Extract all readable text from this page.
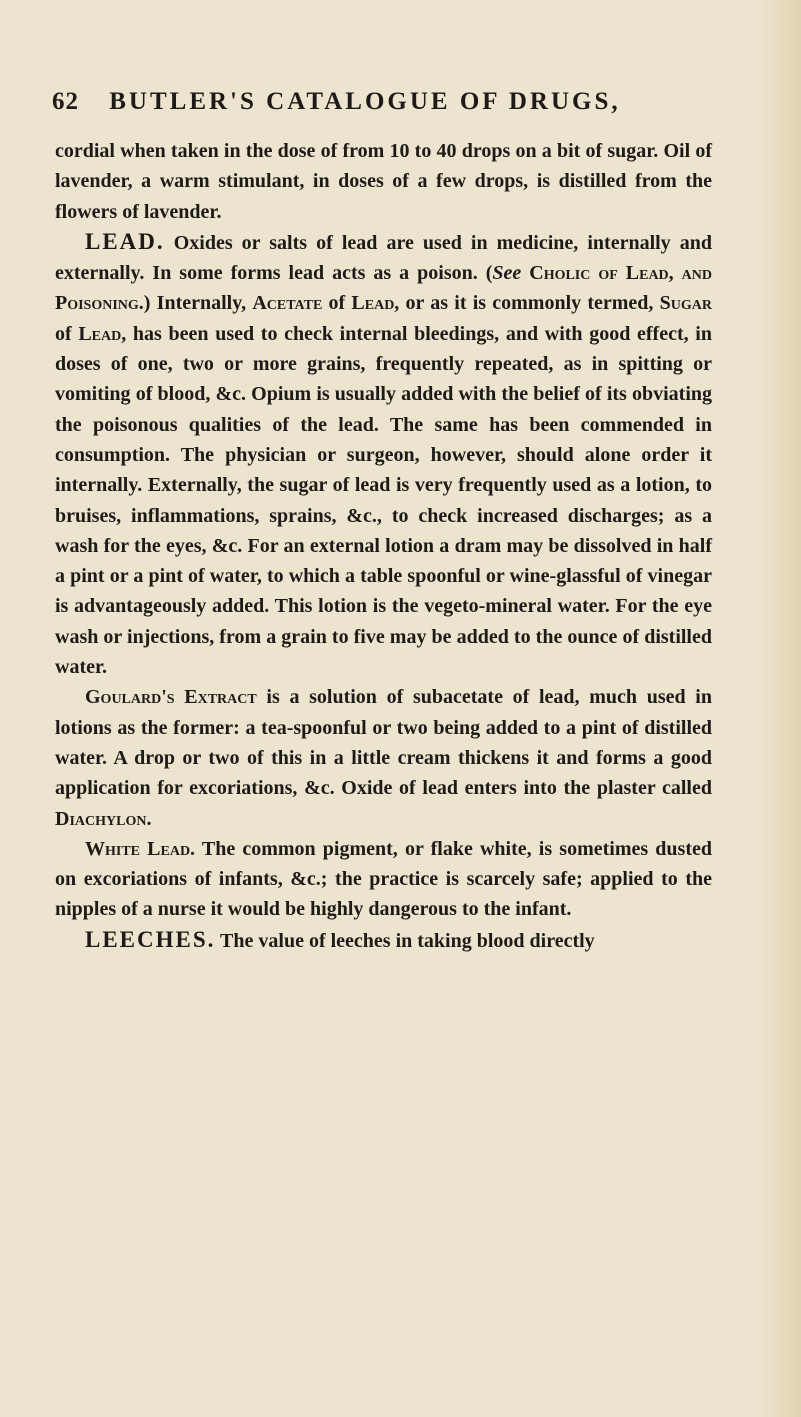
62 BUTLER'S CATALOGUE OF DRUGS,

cordial when taken in the dose of from 10 to 40 drops on a bit of sugar. Oil of lavender, a warm stimulant, in doses of a few drops, is distilled from the flowers of lavender.

LEAD. Oxides or salts of lead are used in medicine, internally and externally. In some forms lead acts as a poison. (See Cholic of Lead, and Poisoning.) Internally, Acetate of Lead, or as it is commonly termed, Sugar of Lead, has been used to check internal bleedings, and with good effect, in doses of one, two or more grains, frequently repeated, as in spitting or vomiting of blood, &c. Opium is usually added with the belief of its obviating the poisonous qualities of the lead. The same has been commended in consumption. The physician or surgeon, however, should alone order it internally. Externally, the sugar of lead is very frequently used as a lotion, to bruises, inflammations, sprains, &c., to check increased discharges; as a wash for the eyes, &c. For an external lotion a dram may be dissolved in half a pint or a pint of water, to which a table spoonful or wine-glassful of vinegar is advantageously added. This lotion is the vegeto-mineral water. For the eye wash or injections, from a grain to five may be added to the ounce of distilled water.

Goulard's Extract is a solution of subacetate of lead, much used in lotions as the former: a tea-spoonful or two being added to a pint of distilled water. A drop or two of this in a little cream thickens it and forms a good application for excoriations, &c. Oxide of lead enters into the plaster called Diachylon.

White Lead. The common pigment, or flake white, is sometimes dusted on excoriations of infants, &c.; the practice is scarcely safe; applied to the nipples of a nurse it would be highly dangerous to the infant.

LEECHES. The value of leeches in taking blood directly
